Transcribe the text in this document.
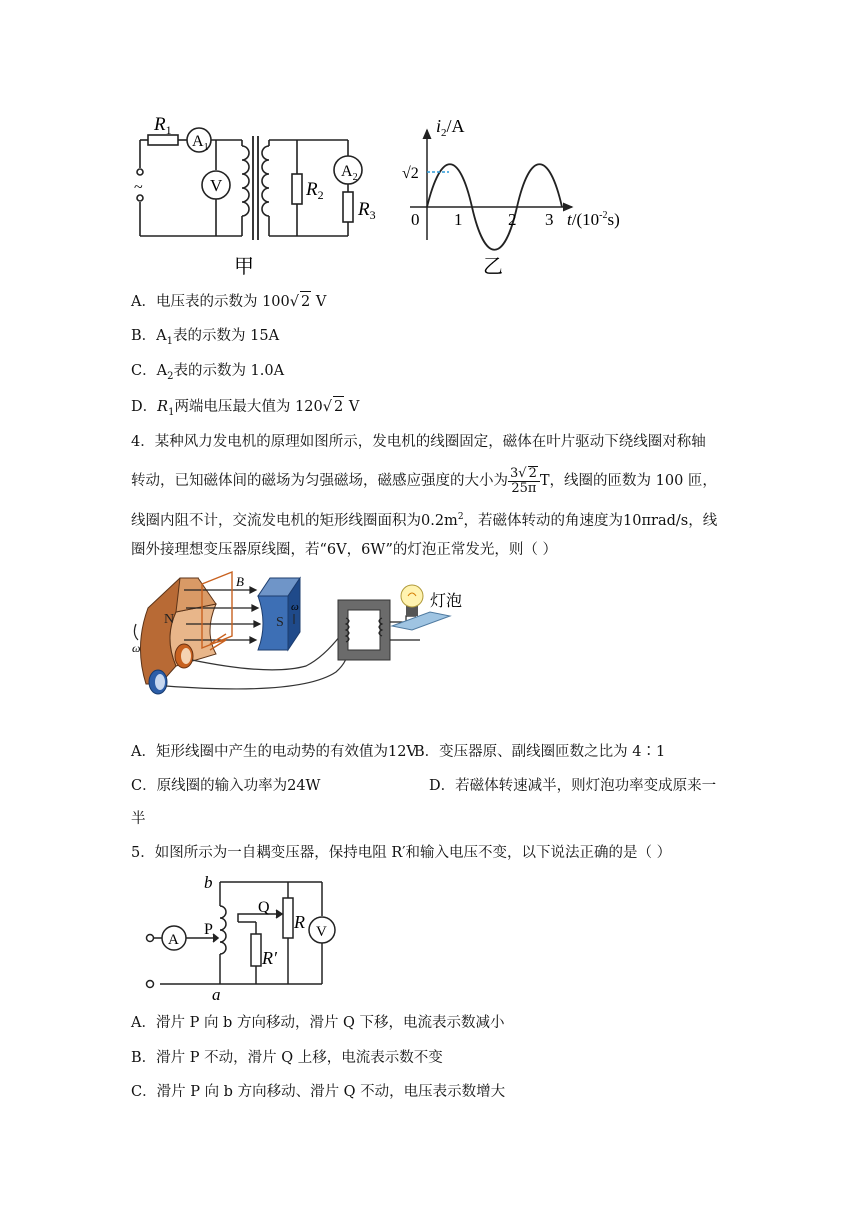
$R_1$
$A_1$
V
~	$R_2$
$A_2$
$R_3$
甲
$i_2/A$
√2
0 1	2 3 $t/(10^{-2}s)$
乙
A．电压表的示数为 100√ 2 V
B．$A_1$表的示数为 15A
C．$A_2$表的示数为 1.0A
D．$R_1$两端电压最大值为 120√ 2 V
4．某种风力发电机的原理如图所示，发电机的线圈固定，磁体在叶片驱动下绕线圈对称轴
转动，已知磁体间的磁场为匀强磁场，磁感应强度的大小为 $\frac{3√ 2}{25\pi}$ T，线圈的匝数为 100 匝，
线圈内阻不计，交流发电机的矩形线圈面积为$0.2m^2$，若磁体转动的角速度为10πrad/s，线
圈外接理想变压器原线圈，若“6V，6W”的灯泡正常发光，则（ ）
N	S
B
ω
ω
灯泡
A．矩形线圈中产生的电动势的有效值为12V
B．变压器原、副线圈匝数之比为 4∶1
C．原线圈的输入功率为24W	D．若磁体转速减半，则灯泡功率变成原来一
半
5．如图所示为一自耦变压器，保持电阻 R′和输入电压不变，以下说法正确的是（ ）
b
a
P
Q
R
R′
A	V
A．滑片 P 向 b 方向移动，滑片 Q 下移，电流表示数减小
B．滑片 P 不动，滑片 Q 上移，电流表示数不变
C．滑片 P 向 b 方向移动、滑片 Q 不动，电压表示数增大
